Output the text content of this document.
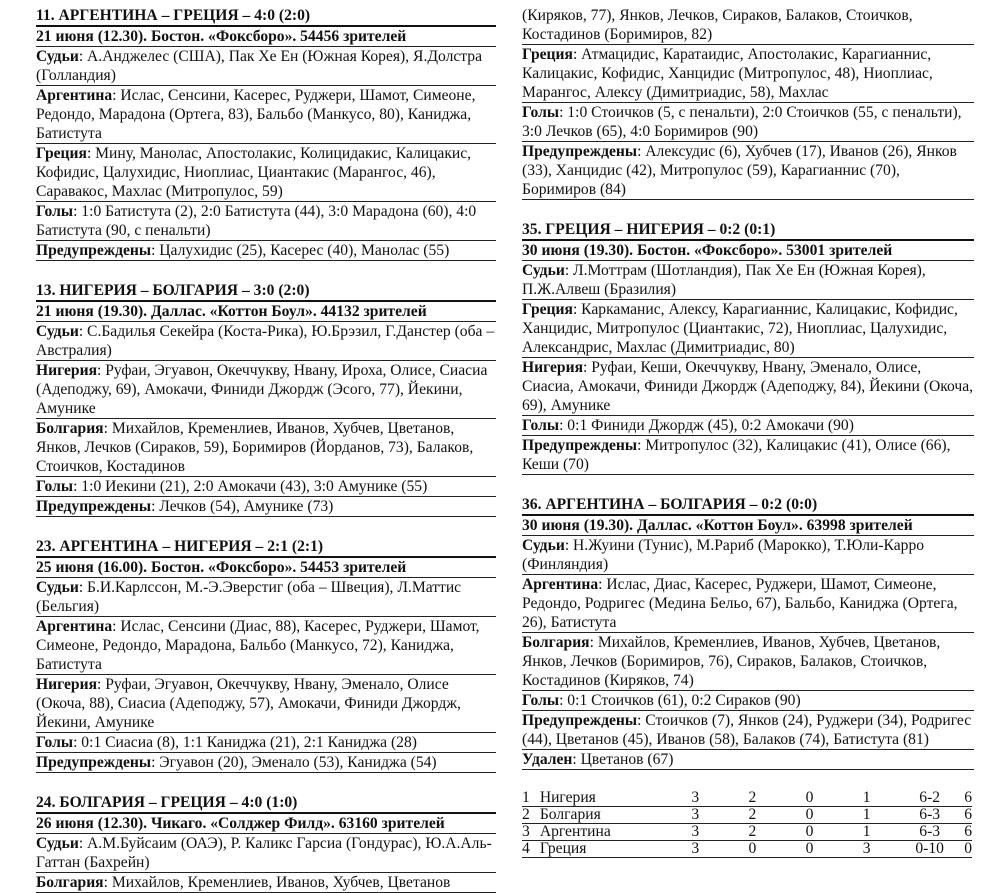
11. АРГЕНТИНА – ГРЕЦИЯ – 4:0 (2:0)

21 июня (12.30). Бостон. «Фоксборо». 54456 зрителей

Судьи: А.Анджелес (США), Пак Хе Ен (Южная Корея), Я.Долстра (Голландия)

Аргентина: Ислас, Сенсини, Касерес, Руджери, Шамот, Симеоне, Редондо, Марадона (Ортега, 83), Бальбо (Манкусо, 80), Каниджа, Батистута

Греция: Мину, Манолас, Апостолакис, Колицидакис, Калицакис, Кофидис, Цалухидис, Ниоплиас, Циантакис (Марангос, 46), Саравакос, Махлас (Митропулос, 59)

Голы: 1:0 Батистута (2), 2:0 Батистута (44), 3:0 Марадона (60), 4:0 Батистута (90, с пенальти)

Предупреждены: Цалухидис (25), Касерес (40), Манолас (55)

13. НИГЕРИЯ – БОЛГАРИЯ – 3:0 (2:0)

21 июня (19.30). Даллас. «Коттон Боул». 44132 зрителей

Судьи: С.Бадилья Секейра (Коста-Рика), Ю.Брэзил, Г.Данстер (оба – Австралия)

Нигерия: Руфаи, Эгуавон, Океччукву, Нвану, Ироха, Олисе, Сиасиа (Адеподжу, 69), Амокачи, Финиди Джордж (Эсого, 77), Йекини, Амунике

Болгария: Михайлов, Кременлиев, Иванов, Хубчев, Цветанов, Янков, Лечков (Сираков, 59), Боримиров (Йорданов, 73), Балаков, Стоичков, Костадинов

Голы: 1:0 Иекини (21), 2:0 Амокачи (43), 3:0 Амунике (55)

Предупреждены: Лечков (54), Амунике (73)

23. АРГЕНТИНА – НИГЕРИЯ – 2:1 (2:1)

25 июня (16.00). Бостон. «Фоксборо». 54453 зрителей

Судьи: Б.И.Карлссон, М.-Э.Эверстиг (оба – Швеция), Л.Маттис (Бельгия)

Аргентина: Ислас, Сенсини (Диас, 88), Касерес, Руджери, Шамот, Симеоне, Редондо, Марадона, Бальбо (Манкусо, 72), Каниджа, Батистута

Нигерия: Руфаи, Эгуавон, Океччукву, Нвану, Эменало, Олисе (Окоча, 88), Сиасиа (Адеподжу, 57), Амокачи, Финиди Джордж, Йекини, Амунике

Голы: 0:1 Сиасиа (8), 1:1 Каниджа (21), 2:1 Каниджа (28)

Предупреждены: Эгуавон (20), Эменало (53), Каниджа (54)

24. БОЛГАРИЯ – ГРЕЦИЯ – 4:0 (1:0)

26 июня (12.30). Чикаго. «Солджер Филд». 63160 зрителей

Судьи: А.М.Буйсаим (ОАЭ), Р. Каликс Гарсиа (Гондурас), Ю.А.Аль-Гаттан (Бахрейн)

Болгария: Михайлов, Кременлиев, Иванов, Хубчев, Цветанов

(Киряков, 77), Янков, Лечков, Сираков, Балаков, Стоичков, Костадинов (Боримиров, 82)

Греция: Атмацидис, Каратаидис, Апостолакис, Карагианнис, Калицакис, Кофидис, Ханцидис (Митропулос, 48), Ниоплиас, Марангос, Алексу (Димитриадис, 58), Махлас

Голы: 1:0 Стоичков (5, с пенальти), 2:0 Стоичков (55, с пенальти), 3:0 Лечков (65), 4:0 Боримиров (90)

Предупреждены: Алексудис (6), Хубчев (17), Иванов (26), Янков (33), Ханцидис (42), Митропулос (59), Карагианнис (70), Боримиров (84)

35. ГРЕЦИЯ – НИГЕРИЯ – 0:2 (0:1)

30 июня (19.30). Бостон. «Фоксборо». 53001 зрителей

Судьи: Л.Моттрам (Шотландия), Пак Хе Ен (Южная Корея), П.Ж.Алвеш (Бразилия)

Греция: Каркаманис, Алексу, Карагианнис, Калицакис, Кофидис, Ханцидис, Митропулос (Циантакис, 72), Ниоплиас, Цалухидис, Александрис, Махлас (Димитриадис, 80)

Нигерия: Руфаи, Кеши, Океччукву, Нвану, Эменало, Олисе, Сиасиа, Амокачи, Финиди Джордж (Адеподжу, 84), Йекини (Окоча, 69), Амунике

Голы: 0:1 Финиди Джордж (45), 0:2 Амокачи (90)

Предупреждены: Митропулос (32), Калицакис (41), Олисе (66), Кеши (70)

36. АРГЕНТИНА – БОЛГАРИЯ – 0:2 (0:0)

30 июня (19.30). Даллас. «Коттон Боул». 63998 зрителей

Судьи: Н.Жуини (Тунис), М.Рариб (Марокко), Т.Юли-Карро (Финляндия)

Аргентина: Ислас, Диас, Касерес, Руджери, Шамот, Симеоне, Редондо, Родригес (Медина Бельо, 67), Бальбо, Каниджа (Ортега, 26), Батистута

Болгария: Михайлов, Кременлиев, Иванов, Хубчев, Цветанов, Янков, Лечков (Боримиров, 76), Сираков, Балаков, Стоичков, Костадинов (Киряков, 74)

Голы: 0:1 Стоичков (61), 0:2 Сираков (90)

Предупреждены: Стоичков (7), Янков (24), Руджери (34), Родригес (44), Цветанов (45), Иванов (58), Балаков (74), Батистута (81)

Удален: Цветанов (67)

1	Нигерия	3	2	0	1	6-2	6
2	Болгария	3	2	0	1	6-3	6
3	Аргентина	3	2	0	1	6-3	6
4	Греция	3	0	0	3	0-10	0
